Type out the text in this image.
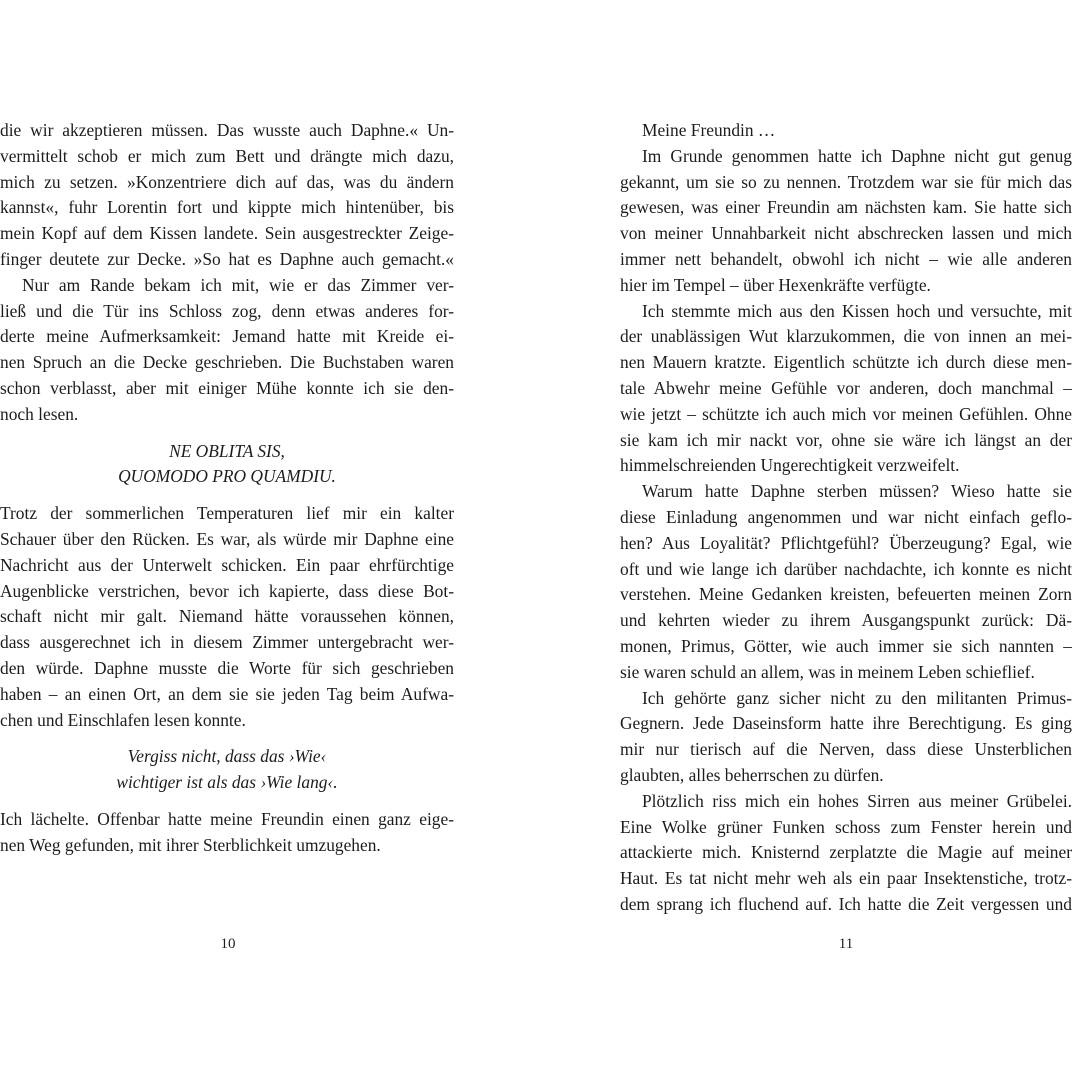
die wir akzeptieren müssen. Das wusste auch Daphne.« Un-
vermittelt schob er mich zum Bett und drängte mich dazu,
mich zu setzen. »Konzentriere dich auf das, was du ändern
kannst«, fuhr Lorentin fort und kippte mich hintenüber, bis
mein Kopf auf dem Kissen landete. Sein ausgestreckter Zeige-
finger deutete zur Decke. »So hat es Daphne auch gemacht.«
Nur am Rande bekam ich mit, wie er das Zimmer ver-
ließ und die Tür ins Schloss zog, denn etwas anderes for-
derte meine Aufmerksamkeit: Jemand hatte mit Kreide ei-
nen Spruch an die Decke geschrieben. Die Buchstaben waren
schon verblasst, aber mit einiger Mühe konnte ich sie den-
noch lesen.
NE OBLITA SIS,
QUOMODO PRO QUAMDIU.
Trotz der sommerlichen Temperaturen lief mir ein kalter
Schauer über den Rücken. Es war, als würde mir Daphne eine
Nachricht aus der Unterwelt schicken. Ein paar ehrfürchtige
Augenblicke verstrichen, bevor ich kapierte, dass diese Bot-
schaft nicht mir galt. Niemand hätte voraussehen können,
dass ausgerechnet ich in diesem Zimmer untergebracht wer-
den würde. Daphne musste die Worte für sich geschrieben
haben – an einen Ort, an dem sie sie jeden Tag beim Aufwa-
chen und Einschlafen lesen konnte.
Vergiss nicht, dass das ›Wie‹
wichtiger ist als das ›Wie lang‹.
Ich lächelte. Offenbar hatte meine Freundin einen ganz eige-
nen Weg gefunden, mit ihrer Sterblichkeit umzugehen.
Meine Freundin …
Im Grunde genommen hatte ich Daphne nicht gut genug
gekannt, um sie so zu nennen. Trotzdem war sie für mich das
gewesen, was einer Freundin am nächsten kam. Sie hatte sich
von meiner Unnahbarkeit nicht abschrecken lassen und mich
immer nett behandelt, obwohl ich nicht – wie alle anderen
hier im Tempel – über Hexenkräfte verfügte.
Ich stemmte mich aus den Kissen hoch und versuchte, mit
der unablässigen Wut klarzukommen, die von innen an mei-
nen Mauern kratzte. Eigentlich schützte ich durch diese men-
tale Abwehr meine Gefühle vor anderen, doch manchmal –
wie jetzt – schützte ich auch mich vor meinen Gefühlen. Ohne
sie kam ich mir nackt vor, ohne sie wäre ich längst an der
himmelschreienden Ungerechtigkeit verzweifelt.
Warum hatte Daphne sterben müssen? Wieso hatte sie
diese Einladung angenommen und war nicht einfach geflo-
hen? Aus Loyalität? Pflichtgefühl? Überzeugung? Egal, wie
oft und wie lange ich darüber nachdachte, ich konnte es nicht
verstehen. Meine Gedanken kreisten, befeuerten meinen Zorn
und kehrten wieder zu ihrem Ausgangspunkt zurück: Dä-
monen, Primus, Götter, wie auch immer sie sich nannten –
sie waren schuld an allem, was in meinem Leben schieflief.
Ich gehörte ganz sicher nicht zu den militanten Primus-
Gegnern. Jede Daseinsform hatte ihre Berechtigung. Es ging
mir nur tierisch auf die Nerven, dass diese Unsterblichen
glaubten, alles beherrschen zu dürfen.
Plötzlich riss mich ein hohes Sirren aus meiner Grübelei.
Eine Wolke grüner Funken schoss zum Fenster herein und
attackierte mich. Knisternd zerplatzte die Magie auf meiner
Haut. Es tat nicht mehr weh als ein paar Insektenstiche, trotz-
dem sprang ich fluchend auf. Ich hatte die Zeit vergessen und
10	11
